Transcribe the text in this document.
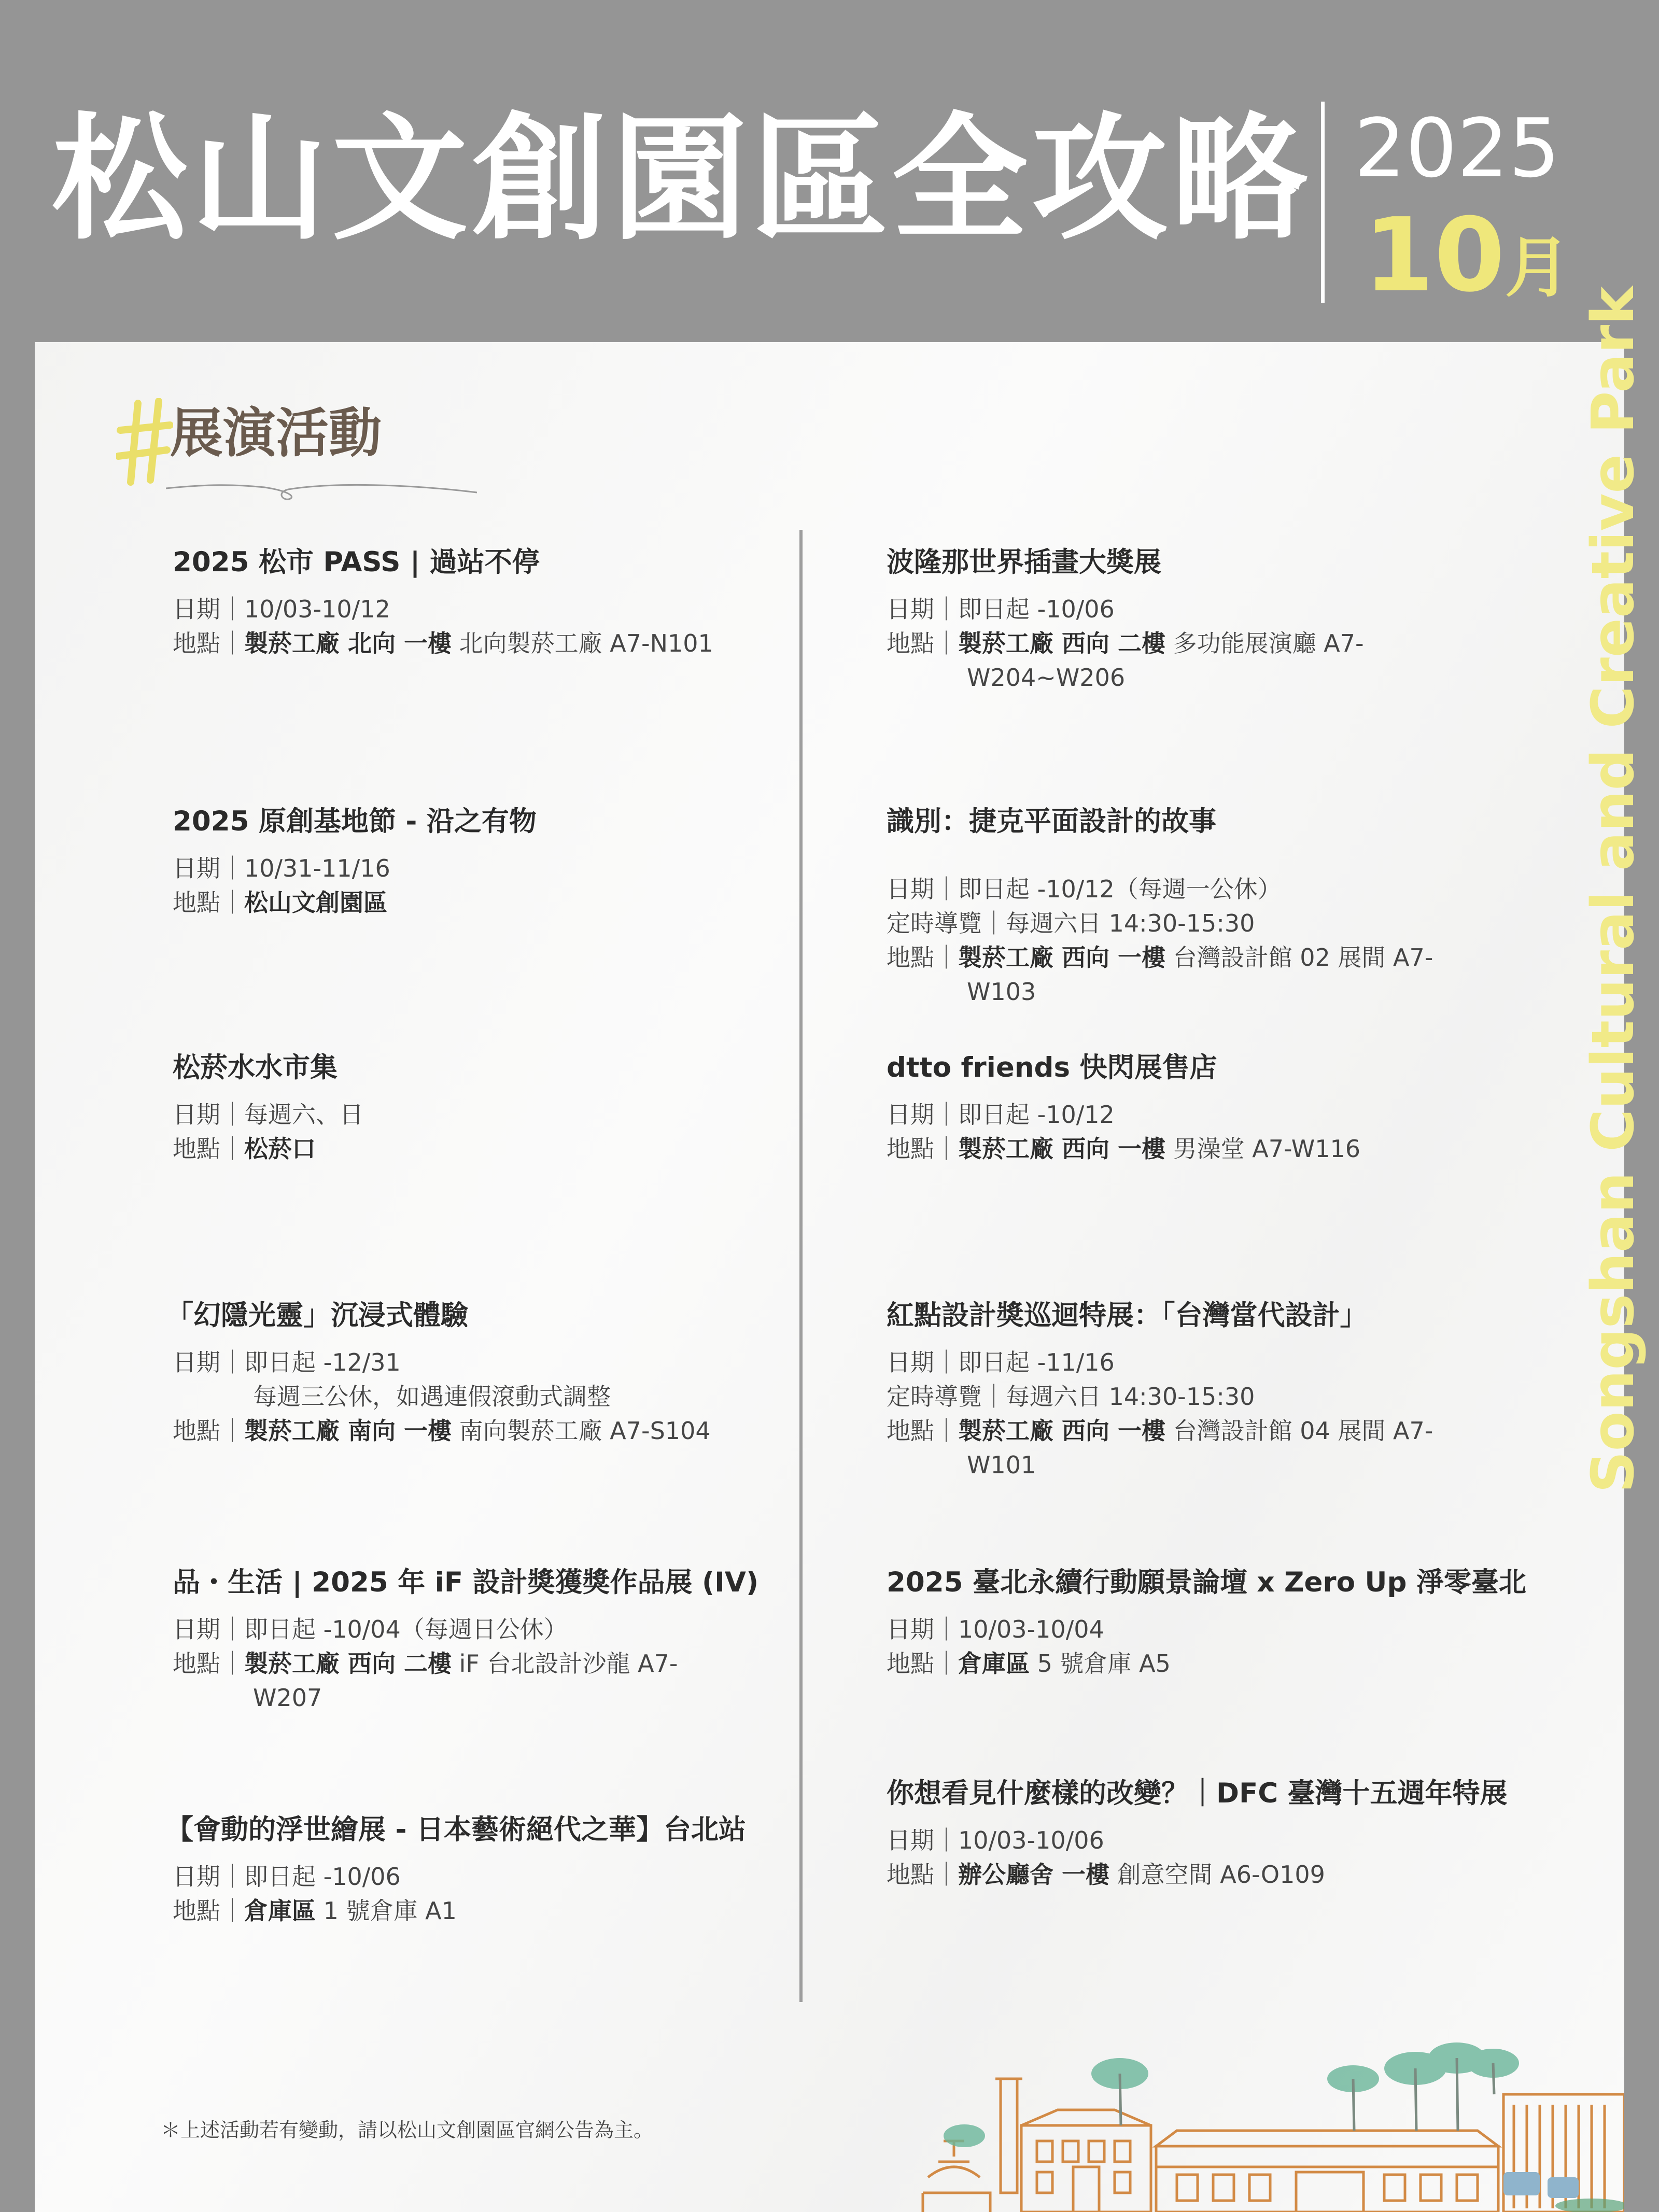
松山文創園區全攻略 2025
10月
Songshan Cultural and Creative Park
展演活動
2025 松市 PASS | 過站不停
日期｜10/03-10/12
地點｜製菸工廠 北向 一樓 北向製菸工廠 A7-N101
2025 原創基地節 - 沿之有物
日期｜10/31-11/16
地點｜松山文創園區
松菸水水市集
日期｜每週六、日
地點｜松菸口
「幻隱光靈」沉浸式體驗
日期｜即日起 -12/31
每週三公休，如遇連假滾動式調整
地點｜製菸工廠 南向 一樓 南向製菸工廠 A7-S104
品・生活 | 2025 年 iF 設計獎獲獎作品展 (IV)
日期｜即日起 -10/04（每週日公休）
地點｜製菸工廠 西向 二樓 iF 台北設計沙龍 A7-W207
【會動的浮世繪展 - 日本藝術絕代之華】台北站
日期｜即日起 -10/06
地點｜倉庫區 1 號倉庫 A1
波隆那世界插畫大獎展
日期｜即日起 -10/06
地點｜製菸工廠 西向 二樓 多功能展演廳 A7-W204~W206
識別：捷克平面設計的故事
日期｜即日起 -10/12（每週一公休）
定時導覽｜每週六日 14:30-15:30
地點｜製菸工廠 西向 一樓 台灣設計館 02 展間 A7-W103
dtto friends 快閃展售店
日期｜即日起 -10/12
地點｜製菸工廠 西向 一樓 男澡堂 A7-W116
紅點設計獎巡迴特展：「台灣當代設計」
日期｜即日起 -11/16
定時導覽｜每週六日 14:30-15:30
地點｜製菸工廠 西向 一樓 台灣設計館 04 展間 A7-W101
2025 臺北永續行動願景論壇 x Zero Up 淨零臺北
日期｜10/03-10/04
地點｜倉庫區 5 號倉庫 A5
你想看見什麼樣的改變？｜DFC 臺灣十五週年特展
日期｜10/03-10/06
地點｜辦公廳舍 一樓 創意空間 A6-O109
＊上述活動若有變動，請以松山文創園區官網公告為主。
